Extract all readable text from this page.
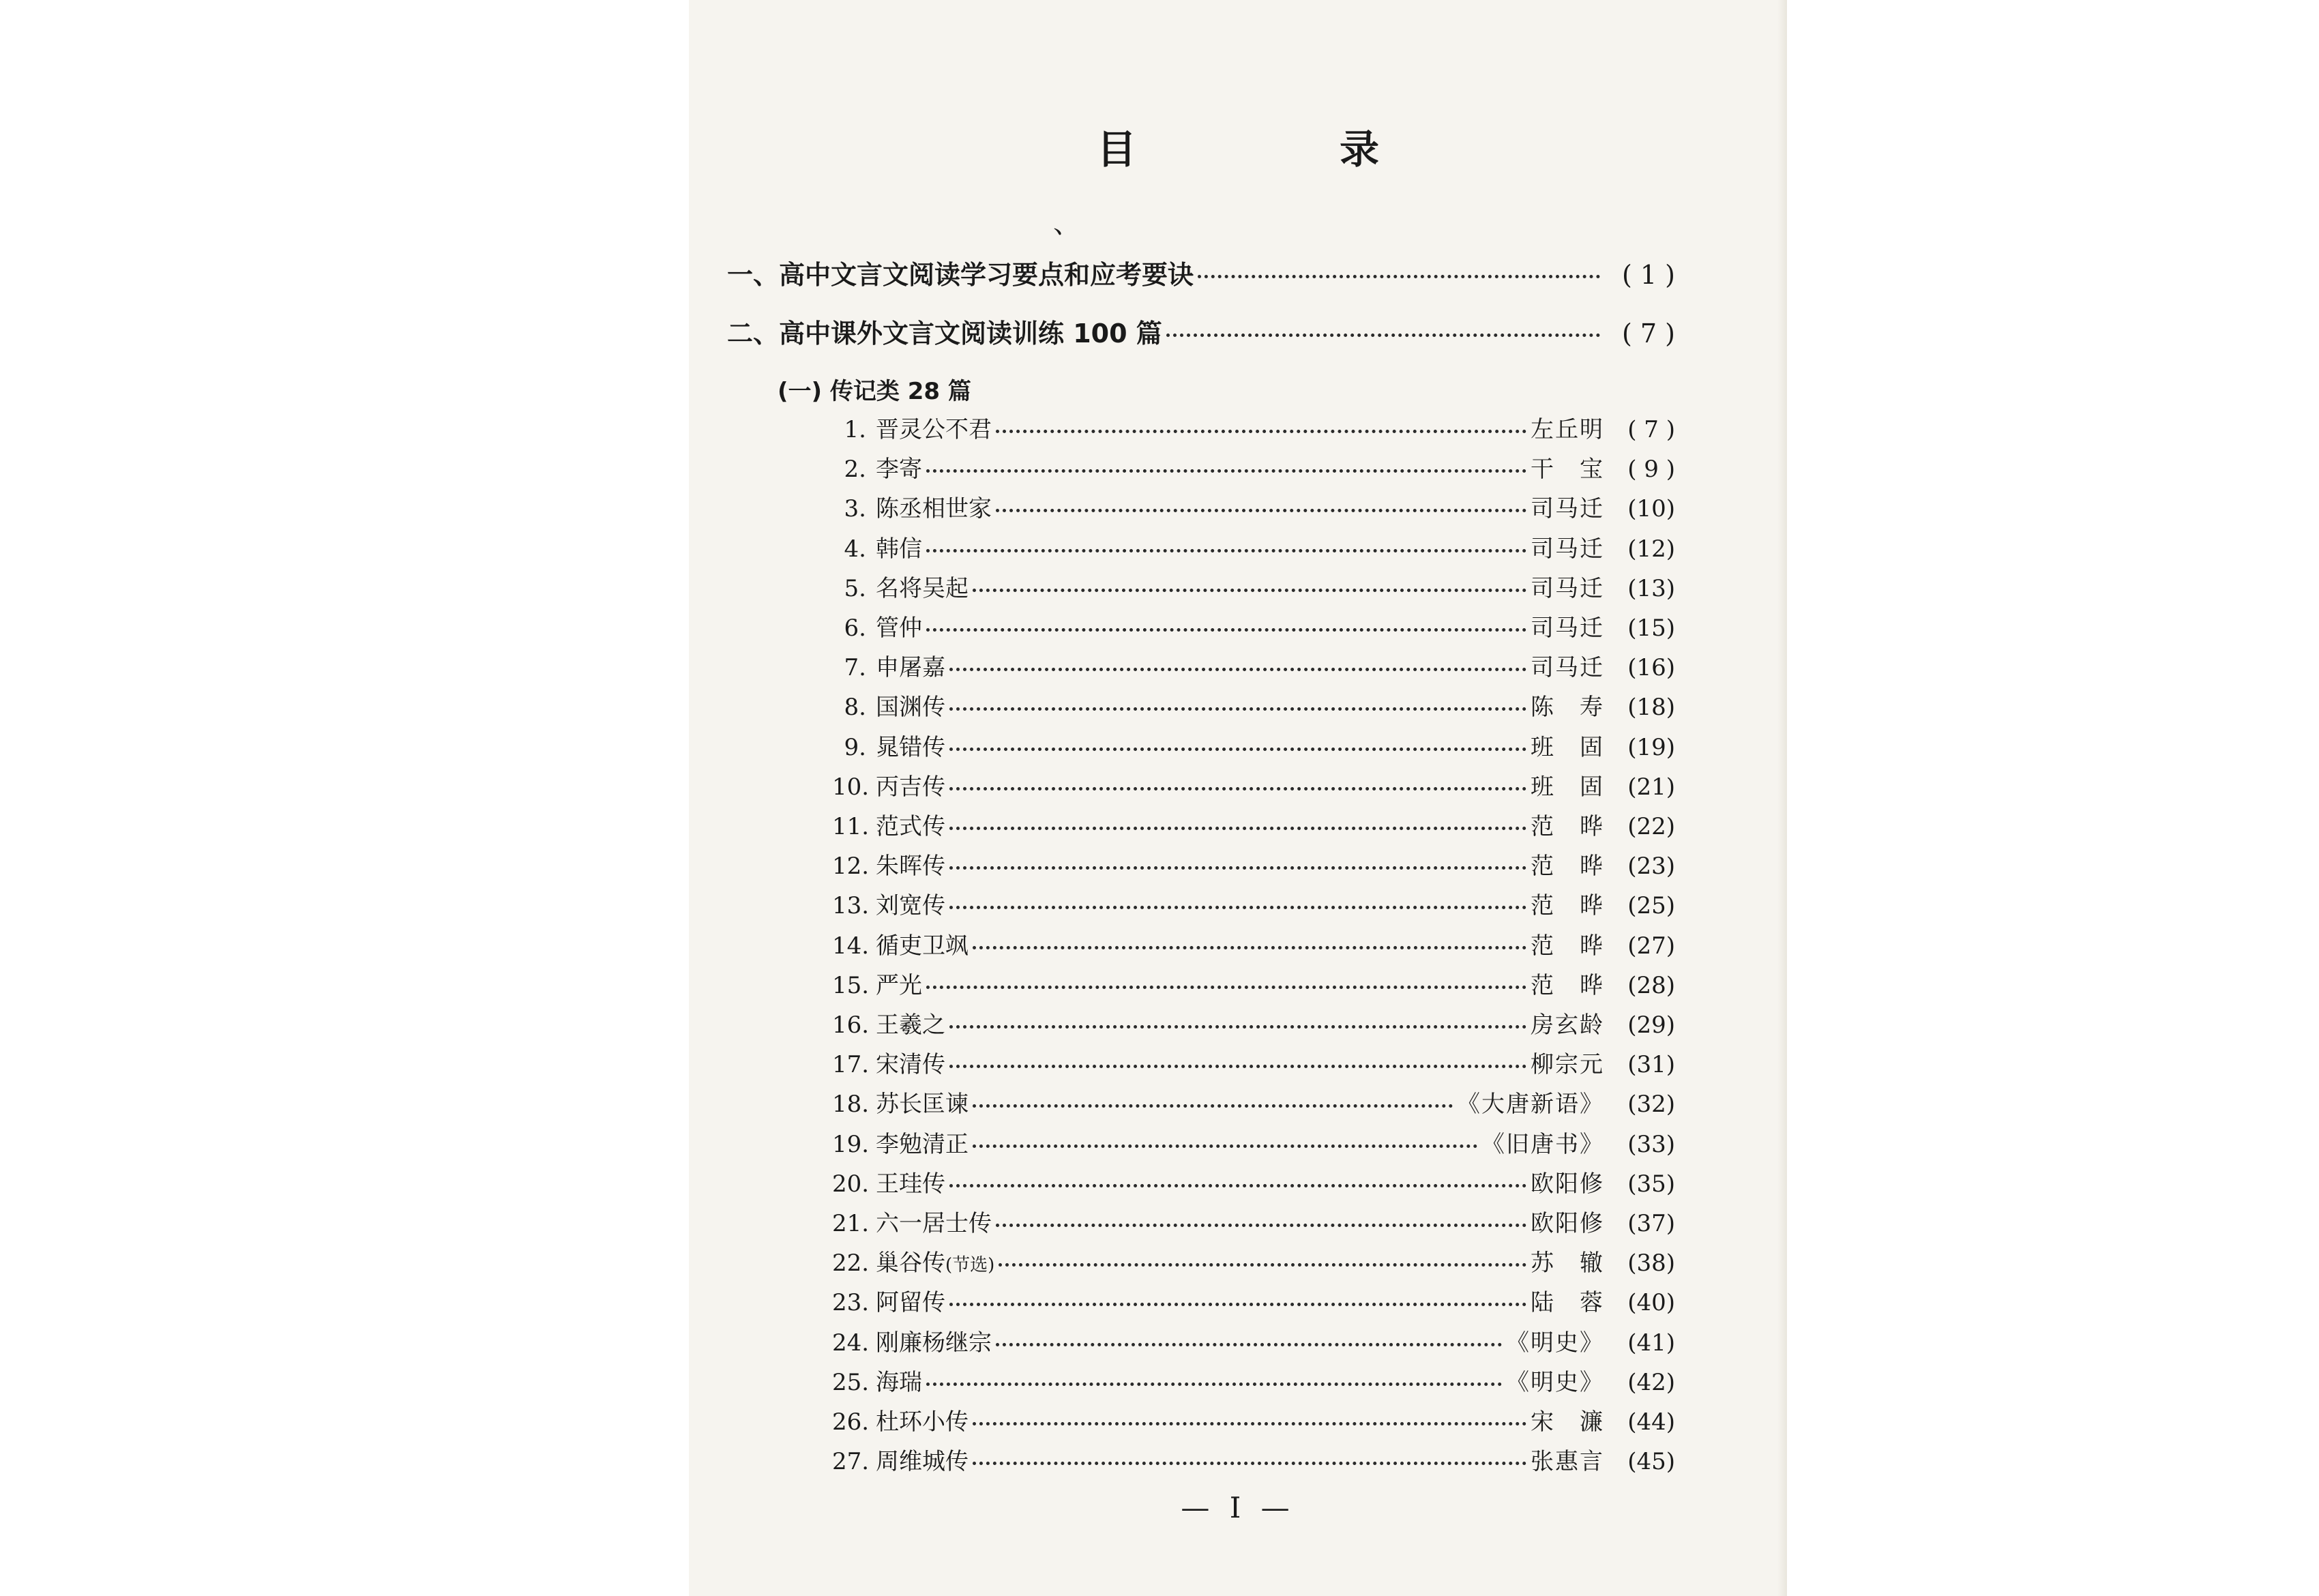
目　录
、
一、高中文言文阅读学习要点和应考要诀	( 1 )
二、高中课外文言文阅读训练 100 篇	( 7 )
(一) 传记类 28 篇
1. 晋灵公不君	左丘明	( 7 )
2. 李寄	干　宝	( 9 )
3. 陈丞相世家	司马迁	(10)
4. 韩信	司马迁	(12)
5. 名将吴起	司马迁	(13)
6. 管仲	司马迁	(15)
7. 申屠嘉	司马迁	(16)
8. 国渊传	陈　寿	(18)
9. 晁错传	班　固	(19)
10. 丙吉传	班　固	(21)
11. 范式传	范　晔	(22)
12. 朱晖传	范　晔	(23)
13. 刘宽传	范　晔	(25)
14. 循吏卫飒	范　晔	(27)
15. 严光	范　晔	(28)
16. 王羲之	房玄龄	(29)
17. 宋清传	柳宗元	(31)
18. 苏长匡谏	《大唐新语》	(32)
19. 李勉清正	《旧唐书》	(33)
20. 王珪传	欧阳修	(35)
21. 六一居士传	欧阳修	(37)
22. 巢谷传(节选)	苏　辙	(38)
23. 阿留传	陆　蓉	(40)
24. 刚廉杨继宗	《明史》	(41)
25. 海瑞	《明史》	(42)
26. 杜环小传	宋　濂	(44)
27. 周维城传	张惠言	(45)
— I —
